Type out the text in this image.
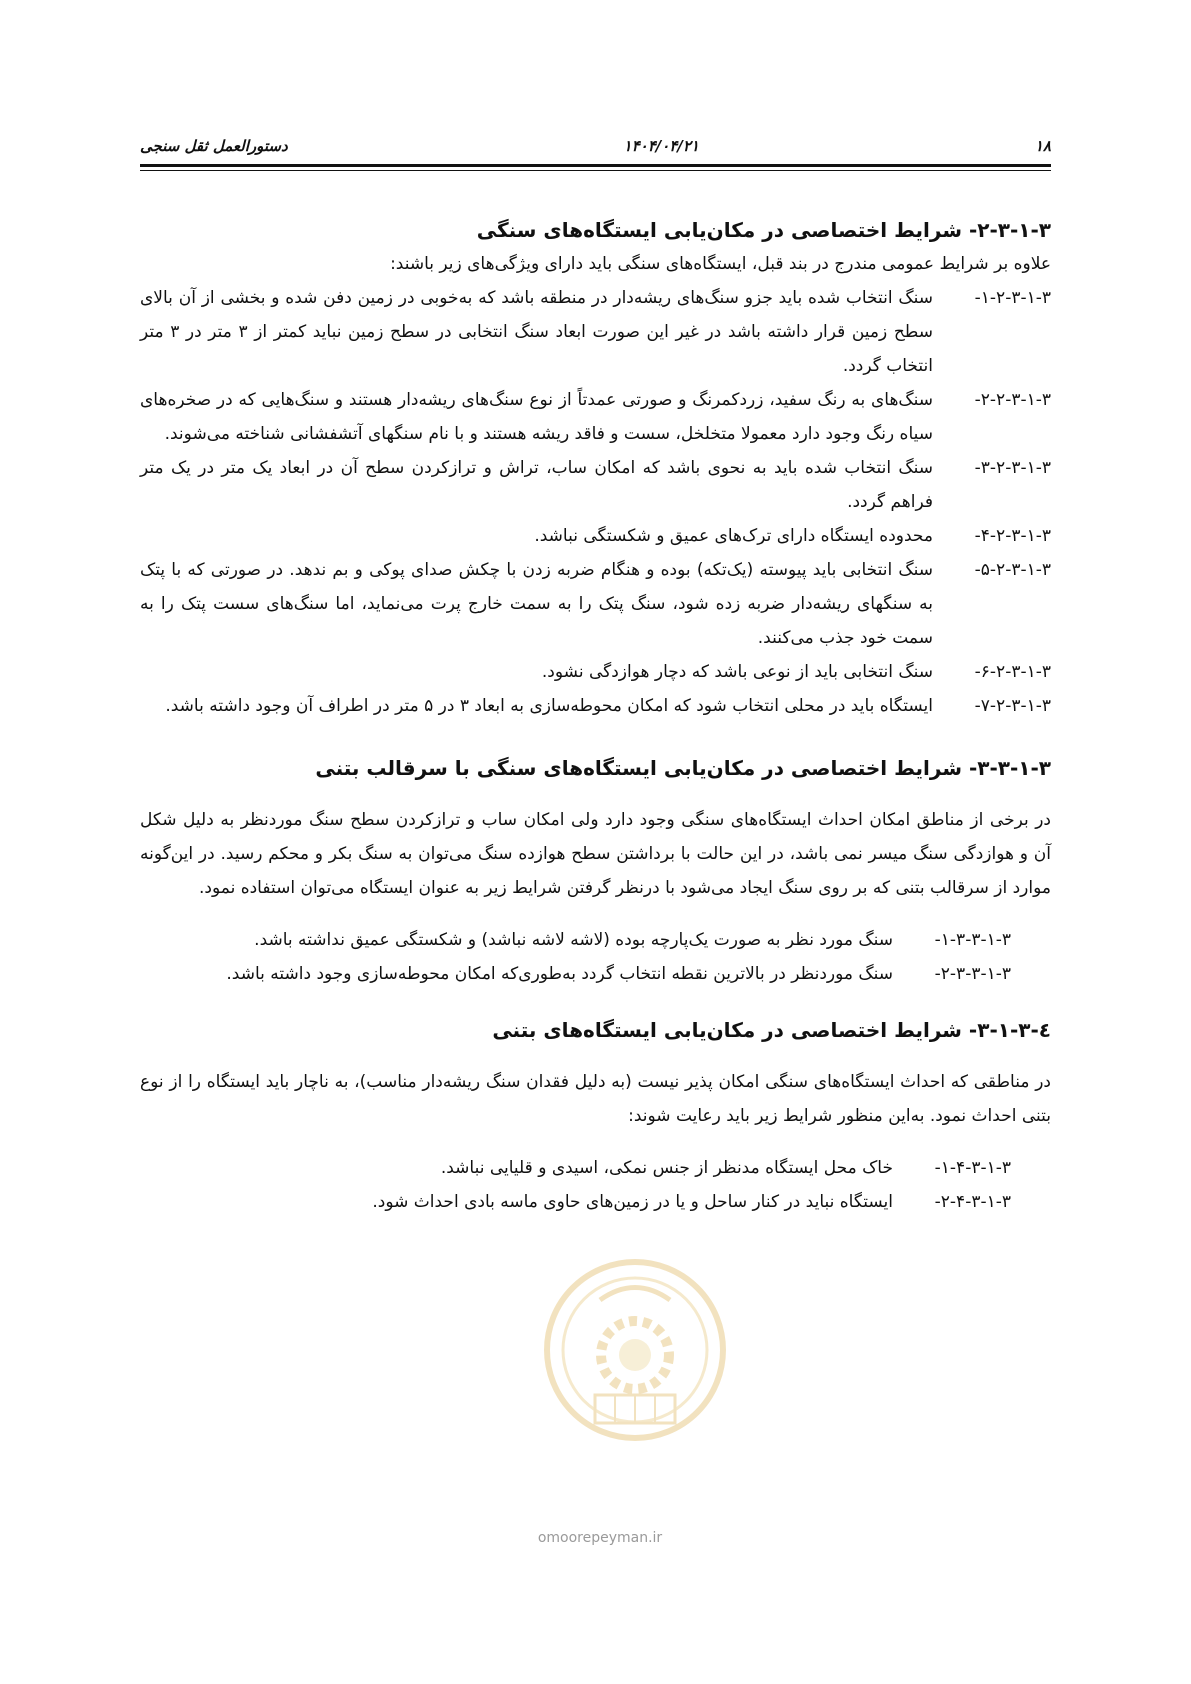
۱۸
۱۴۰۴/۰۴/۲۱
دستورالعمل ثقل سنجی
۲-۳-۱-۳- شرایط اختصاصی در مکان‌یابی ایستگاه‌های سنگی

علاوه بر شرایط عمومی مندرج در بند قبل، ایستگاه‌های سنگی باید دارای ویژگی‌های زیر باشند:

۱-۲-۳-۱-۳-
سنگ انتخاب شده باید جزو سنگ‌های ریشه‌دار در منطقه باشد که به‌خوبی در زمین دفن شده و بخشی از آن بالای سطح زمین قرار داشته باشد در غیر این صورت ابعاد سنگ انتخابی در سطح زمین نباید کمتر از ۳ متر در ۳ متر انتخاب گردد.
۲-۲-۳-۱-۳-
سنگ‌های به رنگ سفید، زردکمرنگ و صورتی عمدتاً از نوع سنگ‌های ریشه‌دار هستند و سنگ‌هایی که در صخره‌های سیاه رنگ وجود دارد معمولا متخلخل، سست و فاقد ریشه هستند و با نام سنگهای آتشفشانی شناخته می‌شوند.
۳-۲-۳-۱-۳-
سنگ انتخاب شده باید به نحوی باشد که امکان ساب، تراش و ترازکردن سطح آن در ابعاد یک متر در یک متر فراهم گردد.
۴-۲-۳-۱-۳-
محدوده ایستگاه دارای ترک‌های عمیق و شکستگی نباشد.
۵-۲-۳-۱-۳-
سنگ انتخابی باید پیوسته (یک‌تکه) بوده و هنگام ضربه زدن با چکش صدای پوکی و بم ندهد. در صورتی که با پتک به سنگهای ریشه‌دار ضربه زده شود، سنگ پتک را به سمت خارج پرت می‌نماید، اما سنگ‌های سست پتک را به سمت خود جذب می‌کنند.
۶-۲-۳-۱-۳-
سنگ انتخابی باید از نوعی باشد که دچار هوازدگی نشود.
۷-۲-۳-۱-۳-
ایستگاه باید در محلی انتخاب شود که امکان محوطه‌سازی به ابعاد ۳ در ۵ متر در اطراف آن وجود داشته باشد.
۳-۳-۱-۳- شرایط اختصاصی در مکان‌یابی ایستگاه‌های سنگی با سرقالب بتنی

در برخی از مناطق امکان احداث ایستگاه‌های سنگی وجود دارد ولی امکان ساب و ترازکردن سطح سنگ موردنظر به دلیل شکل آن و هوازدگی سنگ میسر نمی باشد، در این حالت با برداشتن سطح هوازده سنگ می‌توان به سنگ بکر و محکم رسید. در این‌گونه موارد از سرقالب بتنی که بر روی سنگ ایجاد می‌شود با درنظر گرفتن شرایط زیر به عنوان ایستگاه می‌توان استفاده نمود.

۱-۳-۳-۱-۳-
سنگ مورد نظر به صورت یک‌پارچه بوده (لاشه لاشه نباشد) و شکستگی عمیق نداشته باشد.
۲-۳-۳-۱-۳-
سنگ موردنظر در بالاترین نقطه انتخاب گردد به‌طوری‌که امکان محوطه‌سازی وجود داشته باشد.
٤-۳-۱-۳- شرایط اختصاصی در مکان‌یابی ایستگاه‌های بتنی

در مناطقی که احداث ایستگاه‌های سنگی امکان پذیر نیست (به دلیل فقدان سنگ ریشه‌دار مناسب)، به ناچار باید ایستگاه را از نوع بتنی احداث نمود. به‌این منظور شرایط زیر باید رعایت شوند:

۱-۴-۳-۱-۳-
خاک محل ایستگاه مدنظر از جنس نمکی، اسیدی و قلیایی نباشد.
۲-۴-۳-۱-۳-
ایستگاه نباید در کنار ساحل و یا در زمین‌های حاوی ماسه بادی احداث شود.
omoorepeyman.ir
